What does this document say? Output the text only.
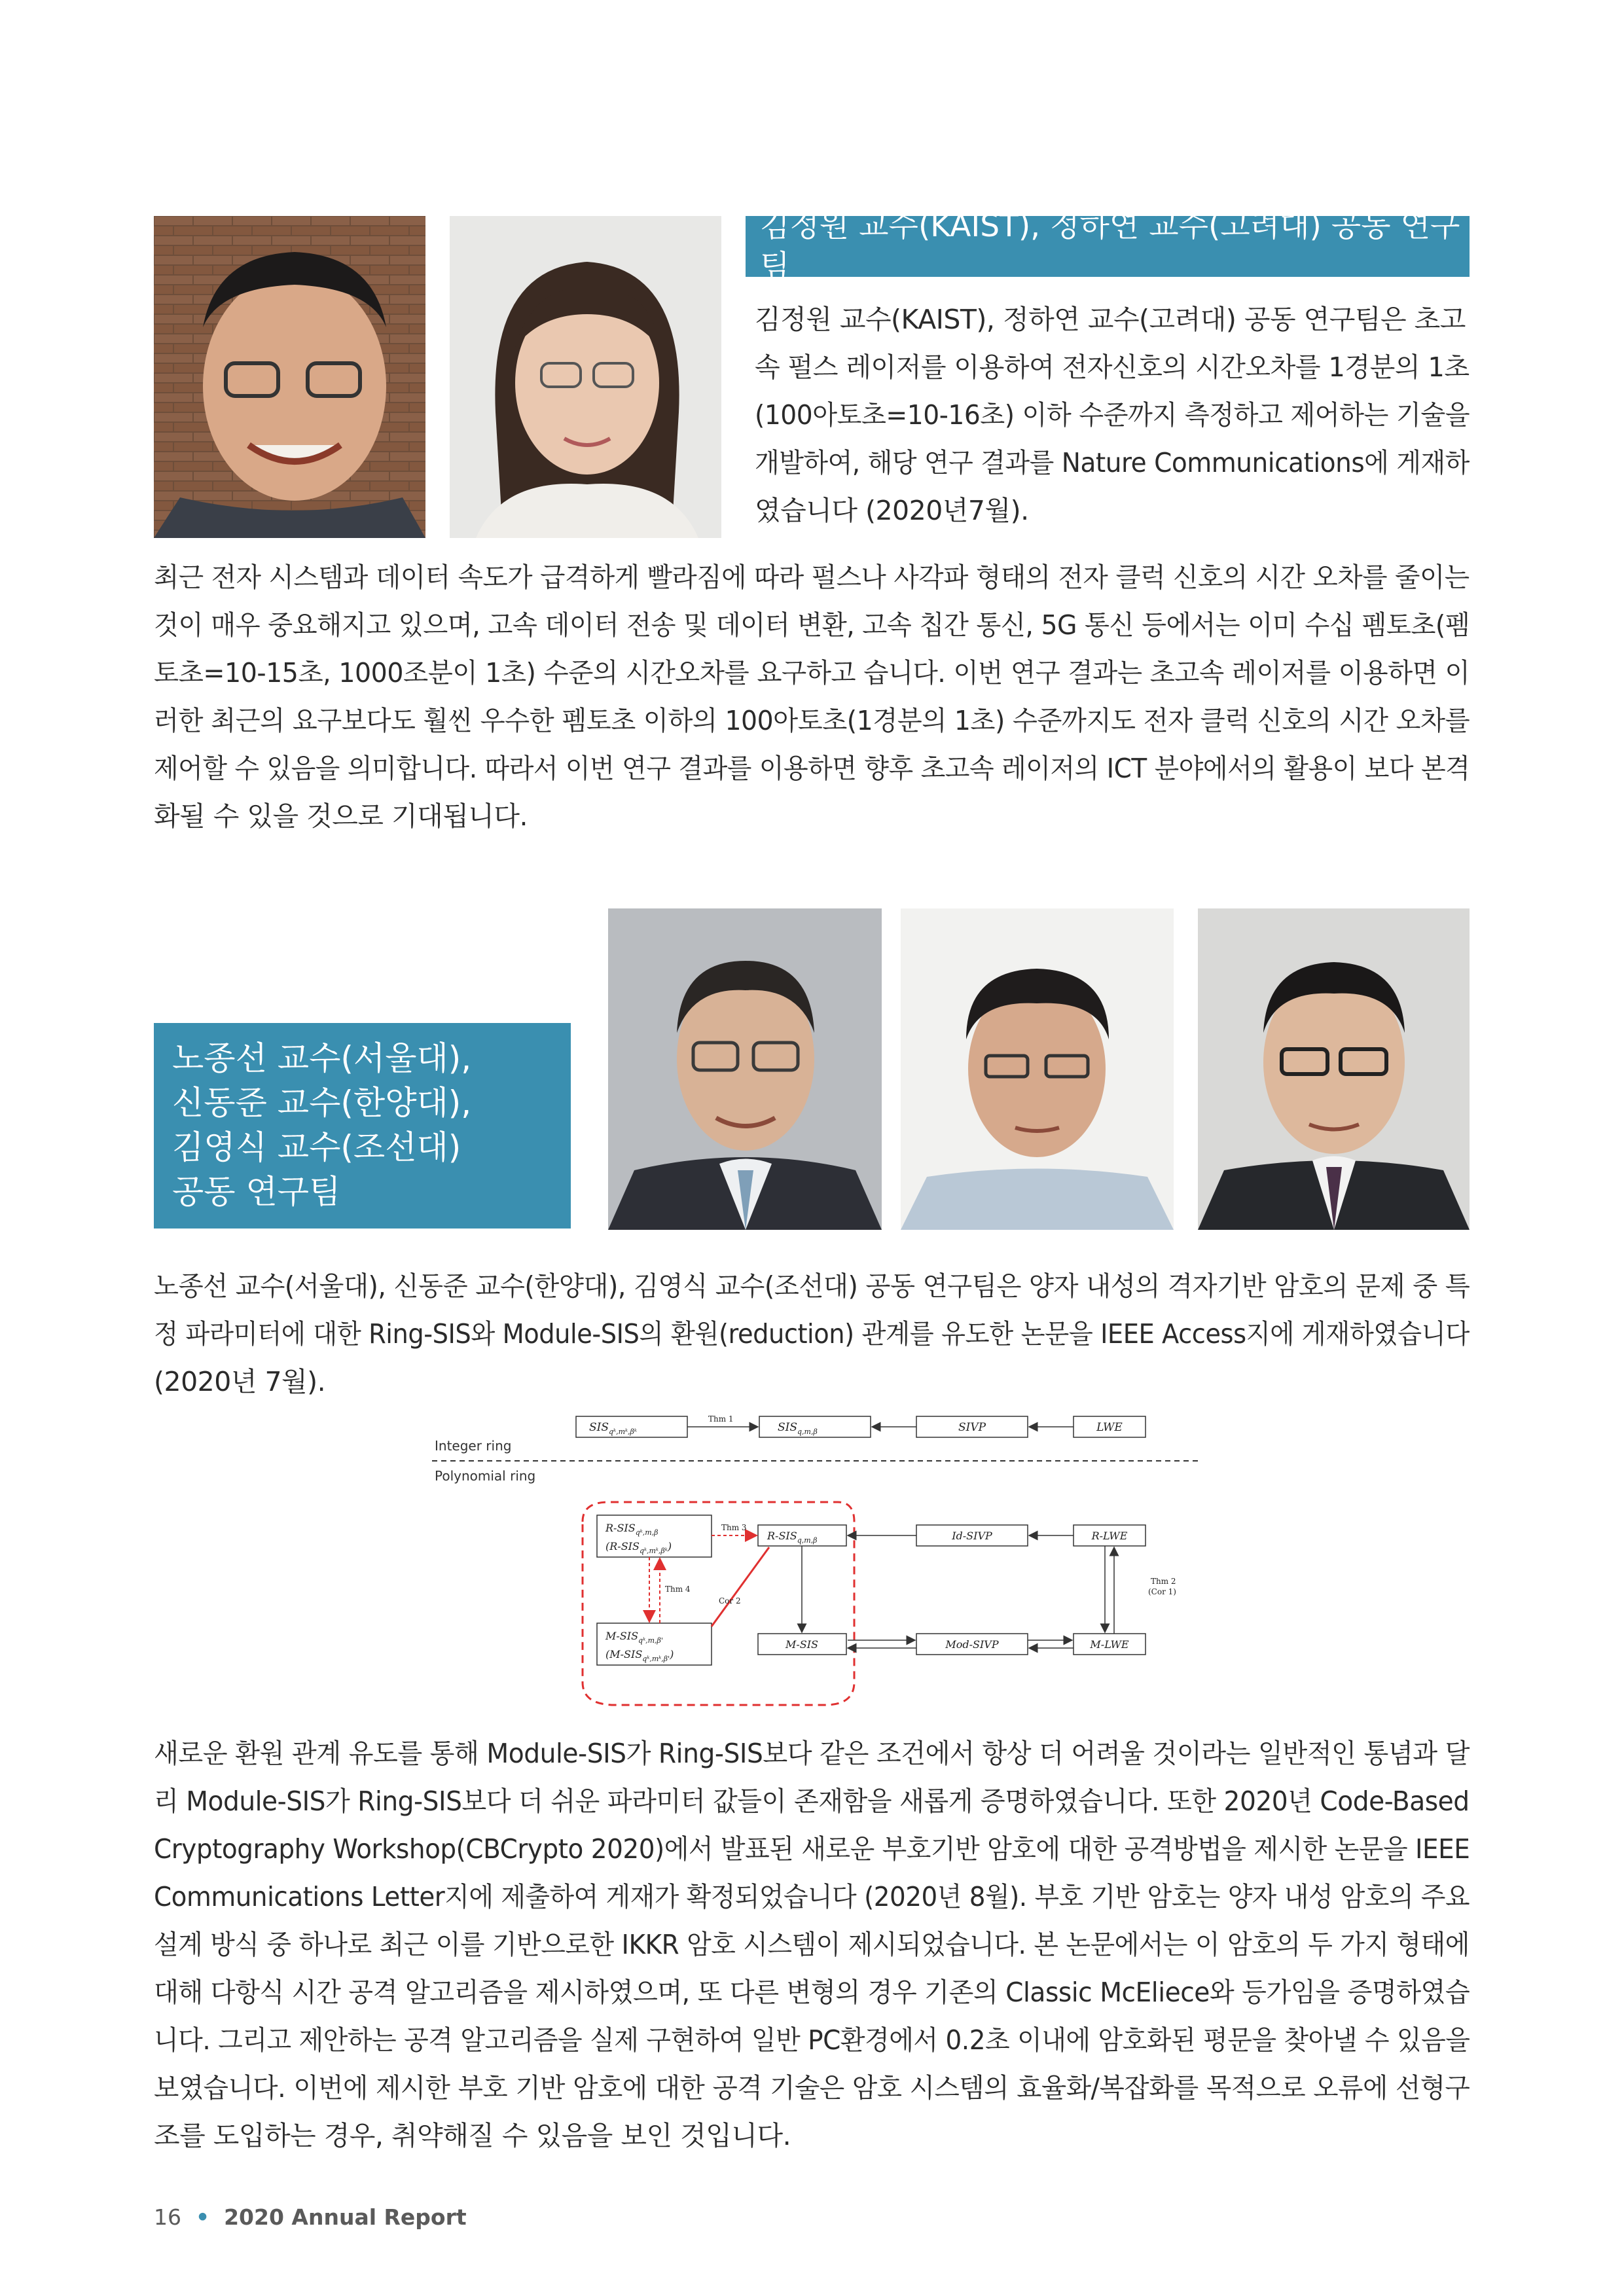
김정원 교수(KAIST), 정하연 교수(고려대) 공동 연구팀
김정원 교수(KAIST), 정하연 교수(고려대) 공동 연구팀은 초고
속 펄스 레이저를 이용하여 전자신호의 시간오차를 1경분의 1초
(100아토초=10-16초) 이하 수준까지 측정하고 제어하는 기술을
개발하여, 해당 연구 결과를 Nature Communications에 게재하
였습니다 (2020년7월).
최근 전자 시스템과 데이터 속도가 급격하게 빨라짐에 따라 펄스나 사각파 형태의 전자 클럭 신호의 시간 오차를 줄이는
것이 매우 중요해지고 있으며, 고속 데이터 전송 및 데이터 변환, 고속 칩간 통신, 5G 통신 등에서는 이미 수십 펨토초(펨
토초=10-15초, 1000조분이 1초) 수준의 시간오차를 요구하고 습니다. 이번 연구 결과는 초고속 레이저를 이용하면 이
러한 최근의 요구보다도 훨씬 우수한 펨토초 이하의 100아토초(1경분의 1초) 수준까지도 전자 클럭 신호의 시간 오차를
제어할 수 있음을 의미합니다. 따라서 이번 연구 결과를 이용하면 향후 초고속 레이저의 ICT 분야에서의 활용이 보다 본격
화될 수 있을 것으로 기대됩니다.
노종선 교수(서울대),
신동준 교수(한양대),
김영식 교수(조선대)
공동 연구팀
노종선 교수(서울대), 신동준 교수(한양대), 김영식 교수(조선대) 공동 연구팀은 양자 내성의 격자기반 암호의 문제 중 특
정 파라미터에 대한 Ring-SIS와 Module-SIS의 환원(reduction) 관계를 유도한 논문을 IEEE Access지에 게재하였습니다
(2020년 7월).
Integer ring
Polynomial ring
$SIS_{qᵏ,mᵏ,\beta ᵏ}$	$SIS_{q,m,\beta}$	SIVP	LWE
Thm 1
$R-SIS_{qᵏ,m,\beta}$
$(R-SIS_{qᵏ,mᵏ,\beta ᵏ})$
$R-SIS_{q,m,\beta}$	Id-SIVP	R-LWE
Thm 3
$M-SIS_{qᵏ,m,\beta'}$
$(M-SIS_{qᵏ,mᵏ,\beta'})$
M-SIS	Mod-SIVP	M-LWE
Thm 4
Cor 2
Thm 2
(Cor 1)
새로운 환원 관계 유도를 통해 Module-SIS가 Ring-SIS보다 같은 조건에서 항상 더 어려울 것이라는 일반적인 통념과 달
리 Module-SIS가 Ring-SIS보다 더 쉬운 파라미터 값들이 존재함을 새롭게 증명하였습니다. 또한 2020년 Code-Based
Cryptography Workshop(CBCrypto 2020)에서 발표된 새로운 부호기반 암호에 대한 공격방법을 제시한 논문을 IEEE
Communications Letter지에 제출하여 게재가 확정되었습니다 (2020년 8월). 부호 기반 암호는 양자 내성 암호의 주요
설계 방식 중 하나로 최근 이를 기반으로한 IKKR 암호 시스템이 제시되었습니다. 본 논문에서는 이 암호의 두 가지 형태에
대해 다항식 시간 공격 알고리즘을 제시하였으며, 또 다른 변형의 경우 기존의 Classic McEliece와 등가임을 증명하였습
니다. 그리고 제안하는 공격 알고리즘을 실제 구현하여 일반 PC환경에서 0.2초 이내에 암호화된 평문을 찾아낼 수 있음을
보였습니다. 이번에 제시한 부호 기반 암호에 대한 공격 기술은 암호 시스템의 효율화/복잡화를 목적으로 오류에 선형구
조를 도입하는 경우, 취약해질 수 있음을 보인 것입니다.
16 • 2020 Annual Report
